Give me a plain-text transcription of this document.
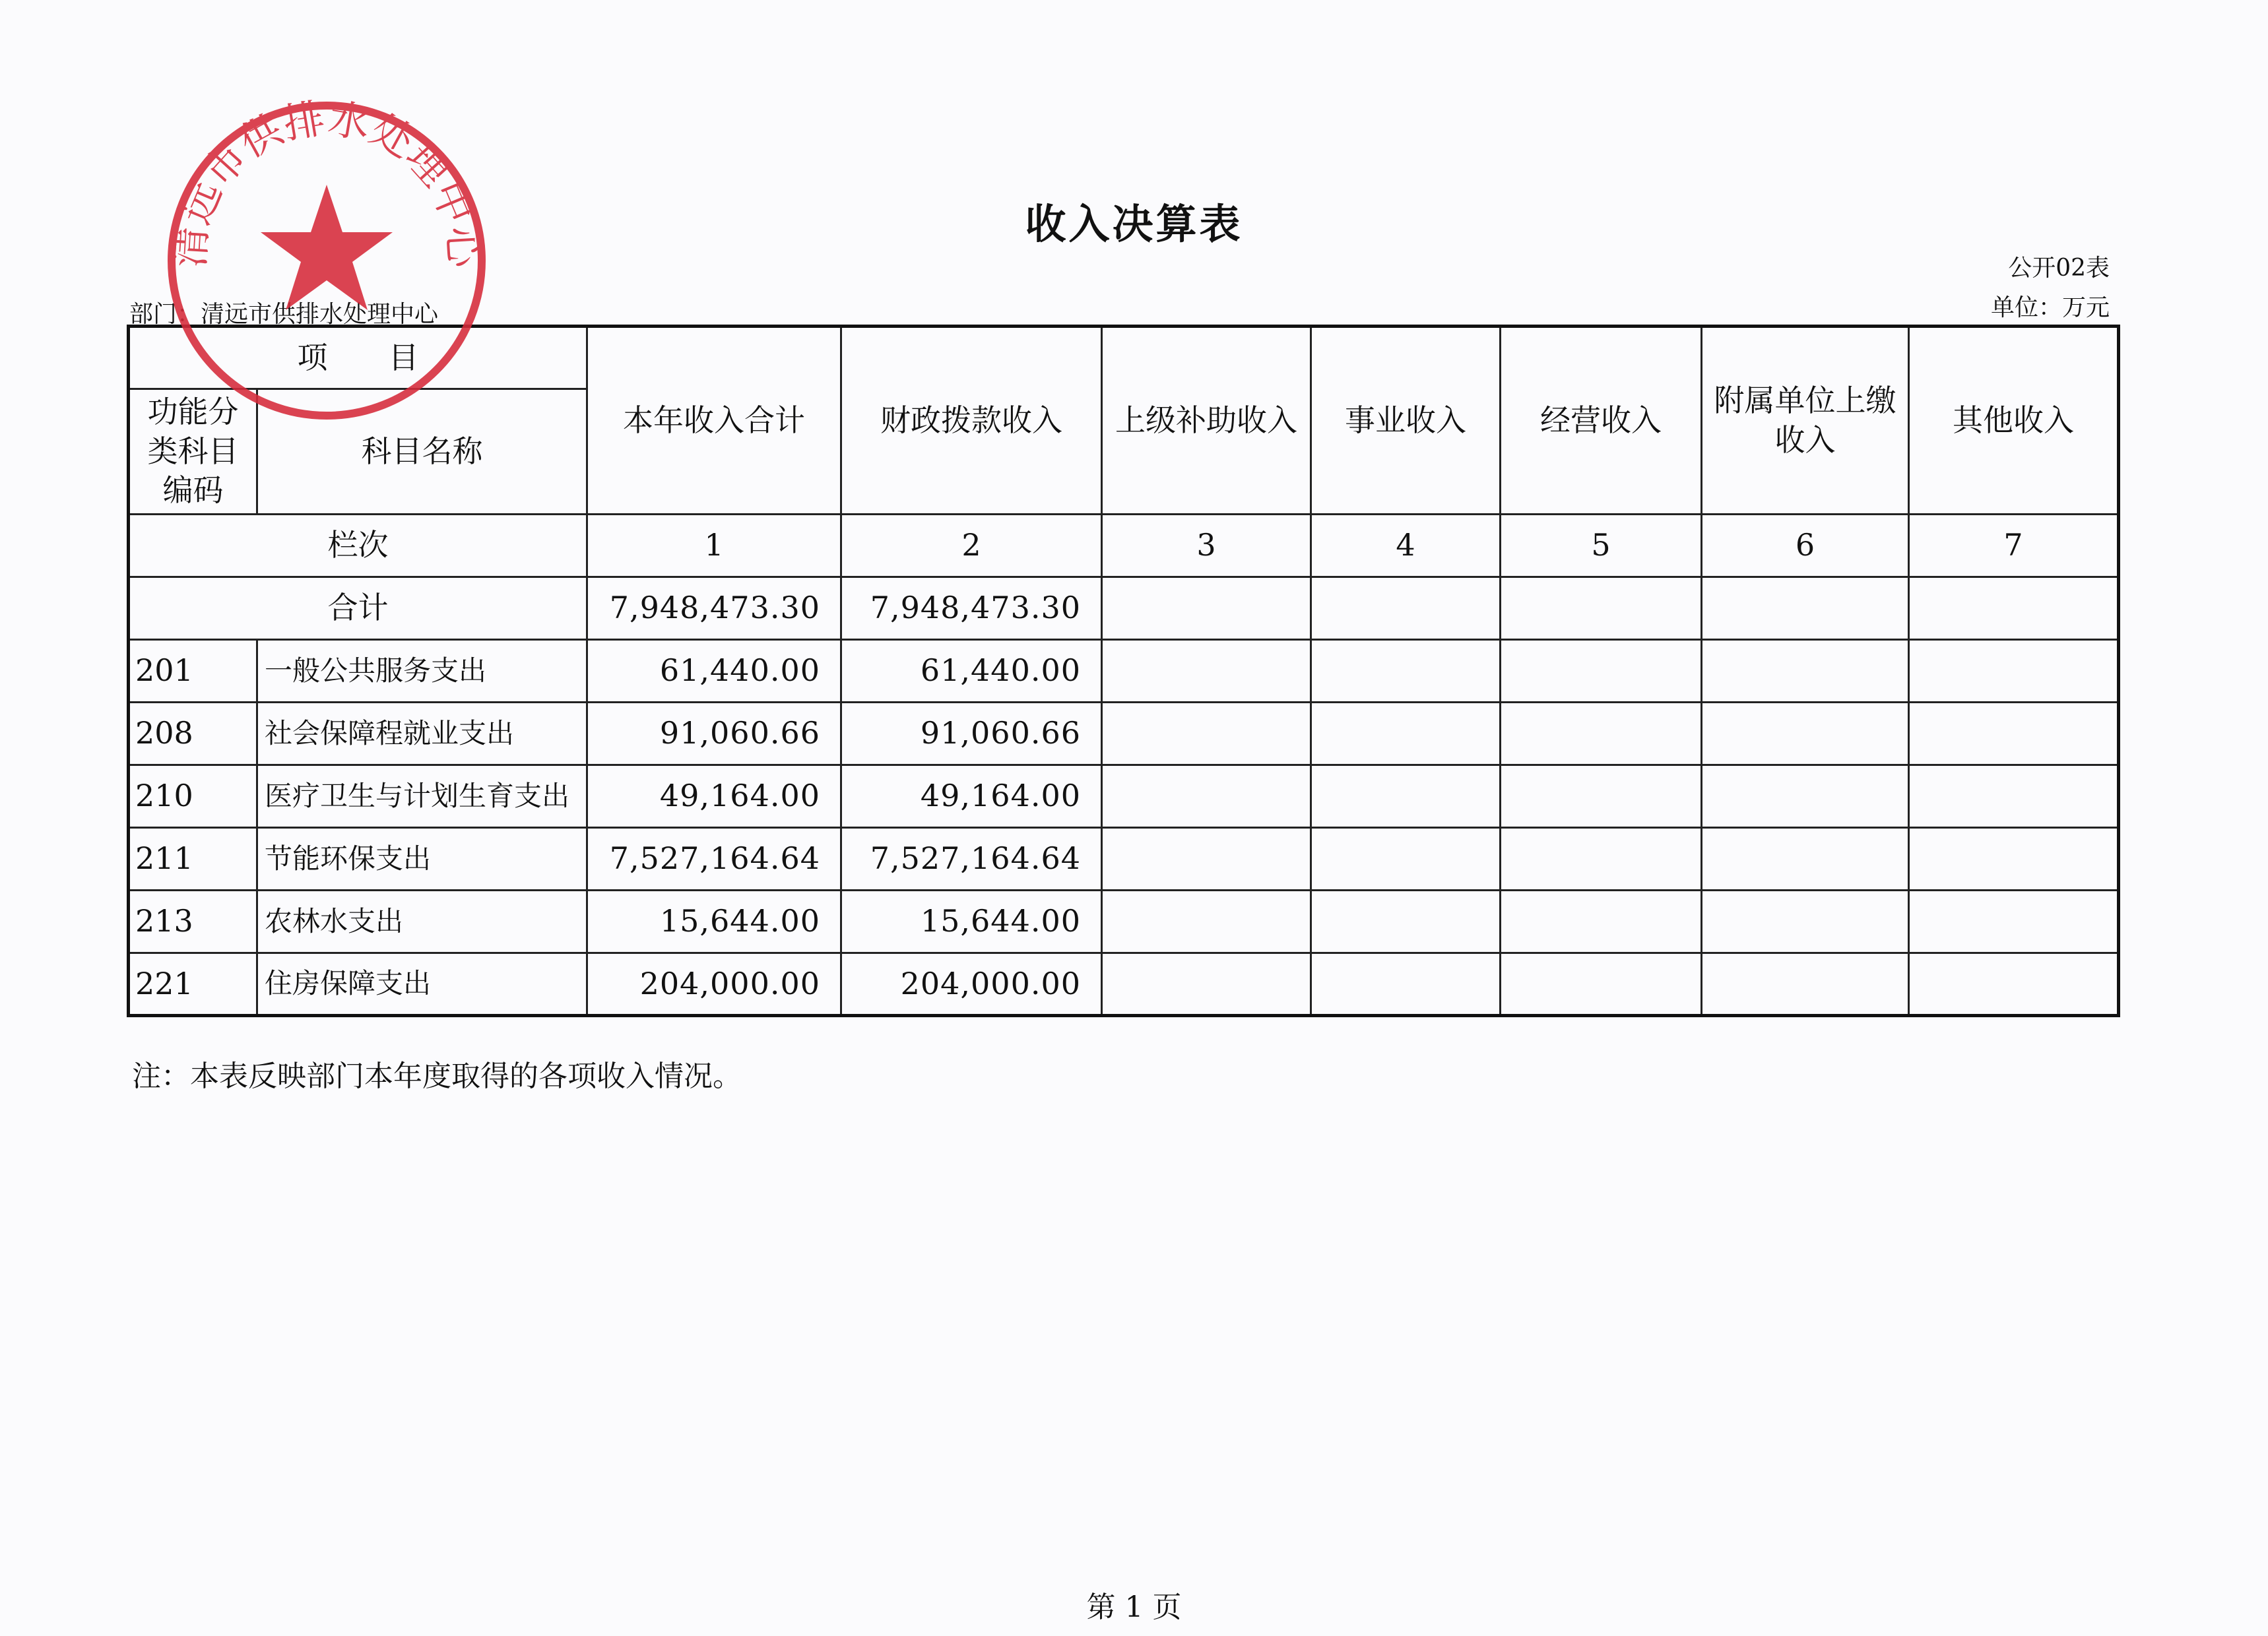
收入决算表
公开02表
单位：万元
部门：清远市供排水处理中心
项　　目		本年收入合计	财政拨款收入	上级补助收入	事业收入	经营收入	附属单位上缴收入	其他收入
功能分类科目编码	科目名称							
栏次		1	2	3	4	5	6	7
合计		7,948,473.30	7,948,473.30					
201	一般公共服务支出	61,440.00	61,440.00					
208	社会保障程就业支出	91,060.66	91,060.66					
210	医疗卫生与计划生育支出	49,164.00	49,164.00					
211	节能环保支出	7,527,164.64	7,527,164.64					
213	农林水支出	15,644.00	15,644.00					
221	住房保障支出	204,000.00	204,000.00					
注：本表反映部门本年度取得的各项收入情况。
第 1 页
清远市供排水处理中心
